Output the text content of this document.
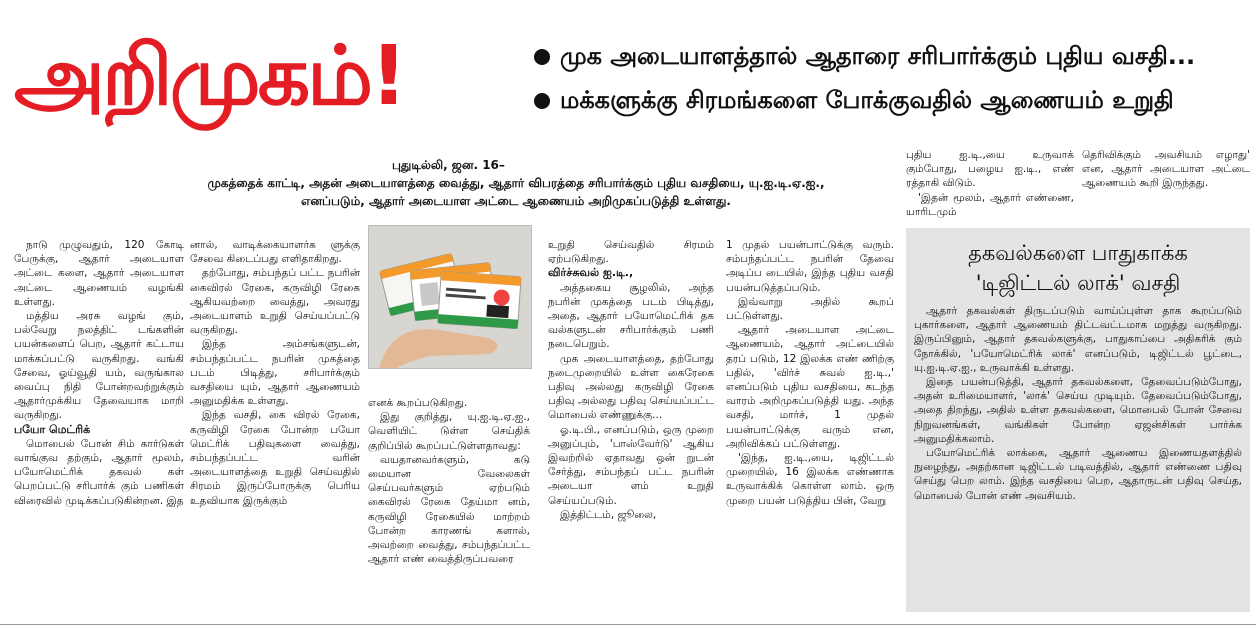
அறிமுகம்!	முக அடையாளத்தால் ஆதாரை சரிபார்க்கும் புதிய வசதி...
மக்களுக்கு சிரமங்களை போக்குவதில் ஆணையம் உறுதி
புதுடில்லி, ஜன. 16–
முகத்தைக் காட்டி, அதன் அடையாளத்தை வைத்து, ஆதார் விபரத்தை சரிபார்க்கும் புதிய வசதியை, யு.ஐ.டி.ஏ.ஐ.,
எனப்படும், ஆதார் அடையாள அட்டை ஆணையம் அறிமுகப்படுத்தி உள்ளது.

புதிய ஐ.டி.,யை உருவாக் கும்போது, பழைய ஐ.டி., எண் ரத்தாகி விடும்.

'இதன் மூலம், ஆதார் எண்ணை, யாரிடமும்

தெரிவிக்கும் அவசியம் எழாது' என, ஆதார் அடையாள அட்டை ஆணையம் கூறி இருந்தது.

நாடு முழுவதும், 120 கோடி பேருக்கு, ஆதார் அடையாள அட்டை களை, ஆதார் அடையாள அட்டை ஆணையம் வழங்கி உள்ளது.

மத்திய அரசு வழங் கும், பல்வேறு நலத்திட் டங்களின் பயன்களைப் பெற, ஆதார் கட்டாய மாக்கப்பட்டு வருகிறது. வங்கி சேவை, ஓய்வூதி யம், வருங்கால வைப்பு நிதி போன்றவற்றுக்கும் ஆதார்முக்கிய தேவையாக மாறி வருகிறது.

பயோ மெட்ரிக்

மொபைல் போன் சிம் கார்டுகள் வாங்குவ தற்கும், ஆதார் மூலம், பயோமெட்ரிக் தகவல் கள் பெறப்பட்டு சரிபார்க் கும் பணிகள் விரைவில் முடிக்கப்படுகின்றன. இத

னால், வாடிக்கையாளர்க ளுக்கு சேவை கிடைப்பது எளிதாகிறது.

தற்போது, சம்பந்தப் பட்ட நபரின் கைவிரல் ரேகை, கருவிழி ரேகை ஆகியவற்றை வைத்து, அவரது அடையாளம் உறுதி செய்யப்பட்டு வருகிறது.

இந்த அம்சங்களுடன், சம்பந்தப்பட்ட நபரின் முகத்தை படம் பிடித்து, சரிபார்க்கும் வசதியை யும், ஆதார் ஆணையம் அனுமதிக்க உள்ளது.

இந்த வசதி, கை விரல் ரேகை, கருவிழி ரேகை போன்ற பயோ மெட்ரிக் பதிவுகளை வைத்து, சம்பந்தப்பட்ட வரின் அடையாளத்தை உறுதி செய்வதில் சிரமம் இருப்போருக்கு பெரிய உதவியாக இருக்கும்

எனக் கூறப்படுகிறது.

இது குறித்து, யு.ஐ.டி.ஏ.ஐ., வெளியிட் டுள்ள செய்திக் குறிப்பில் கூறப்பட்டுள்ளதாவது:

வயதானவர்களும், கடு மையான வேலைகள் செய்பவர்களும் ஏற்படும் கைவிரல் ரேகை தேய்மா னம், கருவிழி ரேகையில் மாற்றம் போன்ற காரணங் களால், அவற்றை வைத்து, சம்பந்தப்பட்ட ஆதார் எண் வைத்திருப்பவரை

உறுதி செய்வதில் சிரமம் ஏற்படுகிறது.

விர்ச்சுவல் ஐ.டி.,

அத்தகைய சூழலில், அந்த நபரின் முகத்தை படம் பிடித்து, அதை, ஆதார் பயோமெட்ரிக் தக வல்களுடன் சரிபார்க்கும் பணி நடைபெறும்.

முக அடையாளத்தை, தற்போது நடைமுறையில் உள்ள கைரேகை பதிவு அல்லது கருவிழி ரேகை பதிவு அல்லது பதிவு செய்யப்பட்ட மொபைல் எண்ணுக்கு...

ஓ.டி.பி., எனப்படும், ஒரு முறை அனுப்பும், 'பாஸ்வேர்டு' ஆகிய இவற்றில் ஏதாவது ஒன் றுடன் சேர்த்து, சம்பந்தப் பட்ட நபரின் அடையா ளம் உறுதி செய்யப்படும்.

இத்திட்டம், ஜூலை,

1 முதல் பயன்பாட்டுக்கு வரும். சம்பந்தப்பட்ட நபரின் தேவை அடிப்ப டையில், இந்த புதிய வசதி பயன்படுத்தப்படும்.

இவ்வாறு அதில் கூறப் பட்டுள்ளது.

ஆதார் அடையாள அட்டை ஆணையம், ஆதார் அட்டையில் தரப் படும், 12 இலக்க எண் ணிற்கு பதில், 'விர்ச் சுவல் ஐ.டி.,' எனப்படும் புதிய வசதியை, கடந்த வாரம் அறிமுகப்படுத்தி யது. அந்த வசதி, மார்ச், 1 முதல் பயன்பாட்டுக்கு வரும் என, அறிவிக்கப் பட்டுள்ளது.

'இந்த, ஐ.டி.,யை, டிஜிட்டல் முறையில், 16 இலக்க எண்ணாக உருவாக்கிக் கொள்ள லாம். ஒரு முறை பயன் படுத்திய பின், வேறு

தகவல்களை பாதுகாக்க
'டிஜிட்டல் லாக்' வசதி

ஆதார் தகவல்கள் திருடப்படும் வாய்ப்புள்ள தாக கூறப்படும் புகார்களை, ஆதார் ஆணையம் திட்டவட்டமாக மறுத்து வருகிறது. இருப்பினும், ஆதார் தகவல்களுக்கு, பாதுகாப்பை அதிகரிக் கும் நோக்கில், 'பயோமெட்ரிக் லாக்' எனப்படும், டிஜிட்டல் பூட்டை, யு.ஐ.டி.ஏ.ஐ., உருவாக்கி உள்ளது.

இதை பயன்படுத்தி, ஆதார் தகவல்களை, தேவைப்படும்போது, அதன் உரிமையாளர், 'லாக்' செய்ய முடியும். தேவைப்படும்போது, அதை திறந்து, அதில் உள்ள தகவல்களை, மொபைல் போன் சேவை நிறுவனங்கள், வங்கிகள் போன்ற ஏஜன்சிகள் பார்க்க அனுமதிக்கலாம்.

பயோமெட்ரிக் லாக்கை, ஆதார் ஆணைய இணையதளத்தில் நுழைந்து, அதற்கான டிஜிட்டல் படிவத்தில், ஆதார் எண்ணை பதிவு செய்து பெற லாம். இந்த வசதியை பெற, ஆதாருடன் பதிவு செய்த, மொபைல் போன் எண் அவசியம்.
